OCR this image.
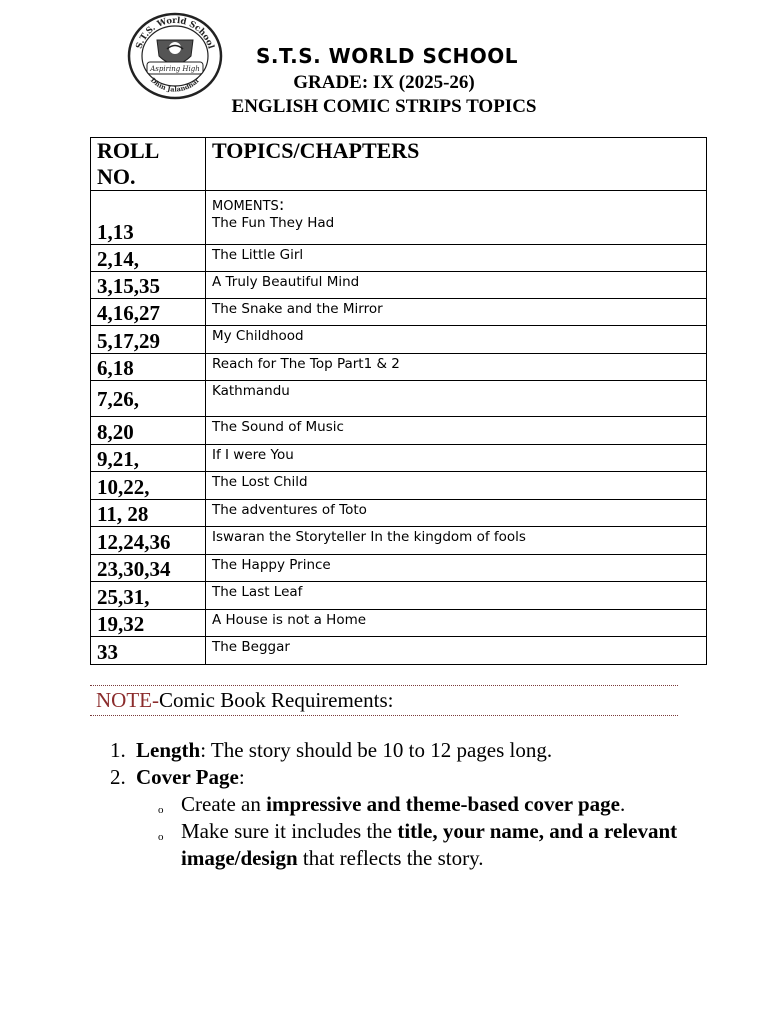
S.T.S. World School
Dhin Jalandhar
Aspiring High
S.T.S. WORLD SCHOOL
GRADE: IX (2025-26)
ENGLISH COMIC STRIPS TOPICS
ROLL NO.	TOPICS/CHAPTERS
1,13	MOMENTS:
The Fun They Had

2,14,	The Little Girl
3,15,35	A Truly Beautiful Mind
4,16,27	The Snake and the Mirror
5,17,29	My Childhood
6,18	Reach for The Top Part1 & 2
7,26,	Kathmandu
8,20	The Sound of Music
9,21,	If I were You
10,22,	The Lost Child
11, 28	The adventures of Toto
12,24,36	Iswaran the Storyteller In the kingdom of fools
23,30,34	The Happy Prince
25,31,	The Last Leaf
19,32	A House is not a Home
33	The Beggar
NOTE-Comic Book Requirements:
1. Length: The story should be 10 to 12 pages long.
2. Cover Page:
o Create an impressive and theme-based cover page.
o Make sure it includes the title, your name, and a relevant image/design that reflects the story.
